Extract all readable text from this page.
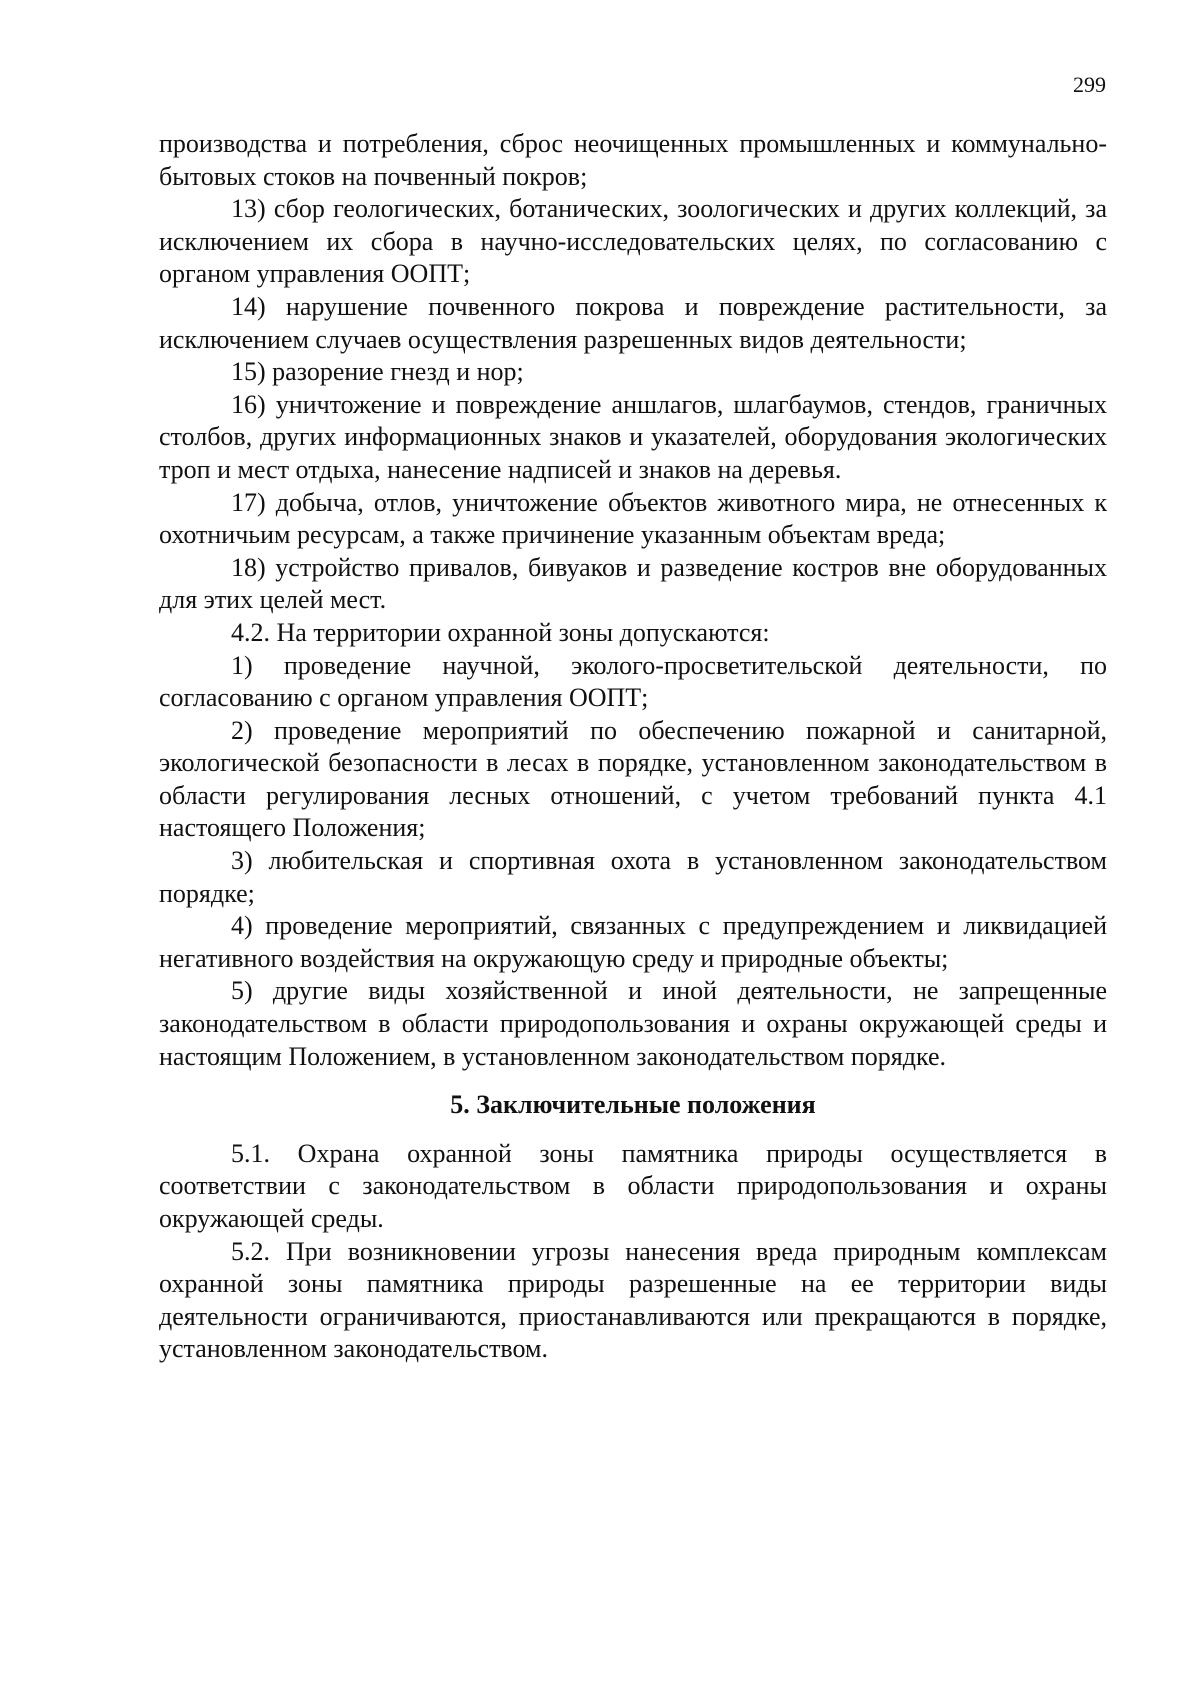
299

производства и потребления, сброс неочищенных промышленных и коммунально-бытовых стоков на почвенный покров;

13) сбор геологических, ботанических, зоологических и других коллекций, за исключением их сбора в научно-исследовательских целях, по согласованию с органом управления ООПТ;

14) нарушение почвенного покрова и повреждение растительности, за исключением случаев осуществления разрешенных видов деятельности;

15) разорение гнезд и нор;

16) уничтожение и повреждение аншлагов, шлагбаумов, стендов, граничных столбов, других информационных знаков и указателей, оборудования экологических троп и мест отдыха, нанесение надписей и знаков на деревья.

17) добыча, отлов, уничтожение объектов животного мира, не отнесенных к охотничьим ресурсам, а также причинение указанным объектам вреда;

18) устройство привалов, бивуаков и разведение костров вне оборудованных для этих целей мест.

4.2. На территории охранной зоны допускаются:

1) проведение научной, эколого-просветительской деятельности, по согласованию с органом управления ООПТ;

2) проведение мероприятий по обеспечению пожарной и санитарной, экологической безопасности в лесах в порядке, установленном законодательством в области регулирования лесных отношений, с учетом требований пункта 4.1 настоящего Положения;

3) любительская и спортивная охота в установленном законодательством порядке;

4) проведение мероприятий, связанных с предупреждением и ликвидацией негативного воздействия на окружающую среду и природные объекты;

5) другие виды хозяйственной и иной деятельности, не запрещенные законодательством в области природопользования и охраны окружающей среды и настоящим Положением, в установленном законодательством порядке.

5. Заключительные положения

5.1. Охрана охранной зоны памятника природы осуществляется в соответствии с законодательством в области природопользования и охраны окружающей среды.

5.2. При возникновении угрозы нанесения вреда природным комплексам охранной зоны памятника природы разрешенные на ее территории виды деятельности ограничиваются, приостанавливаются или прекращаются в порядке, установленном законодательством.
